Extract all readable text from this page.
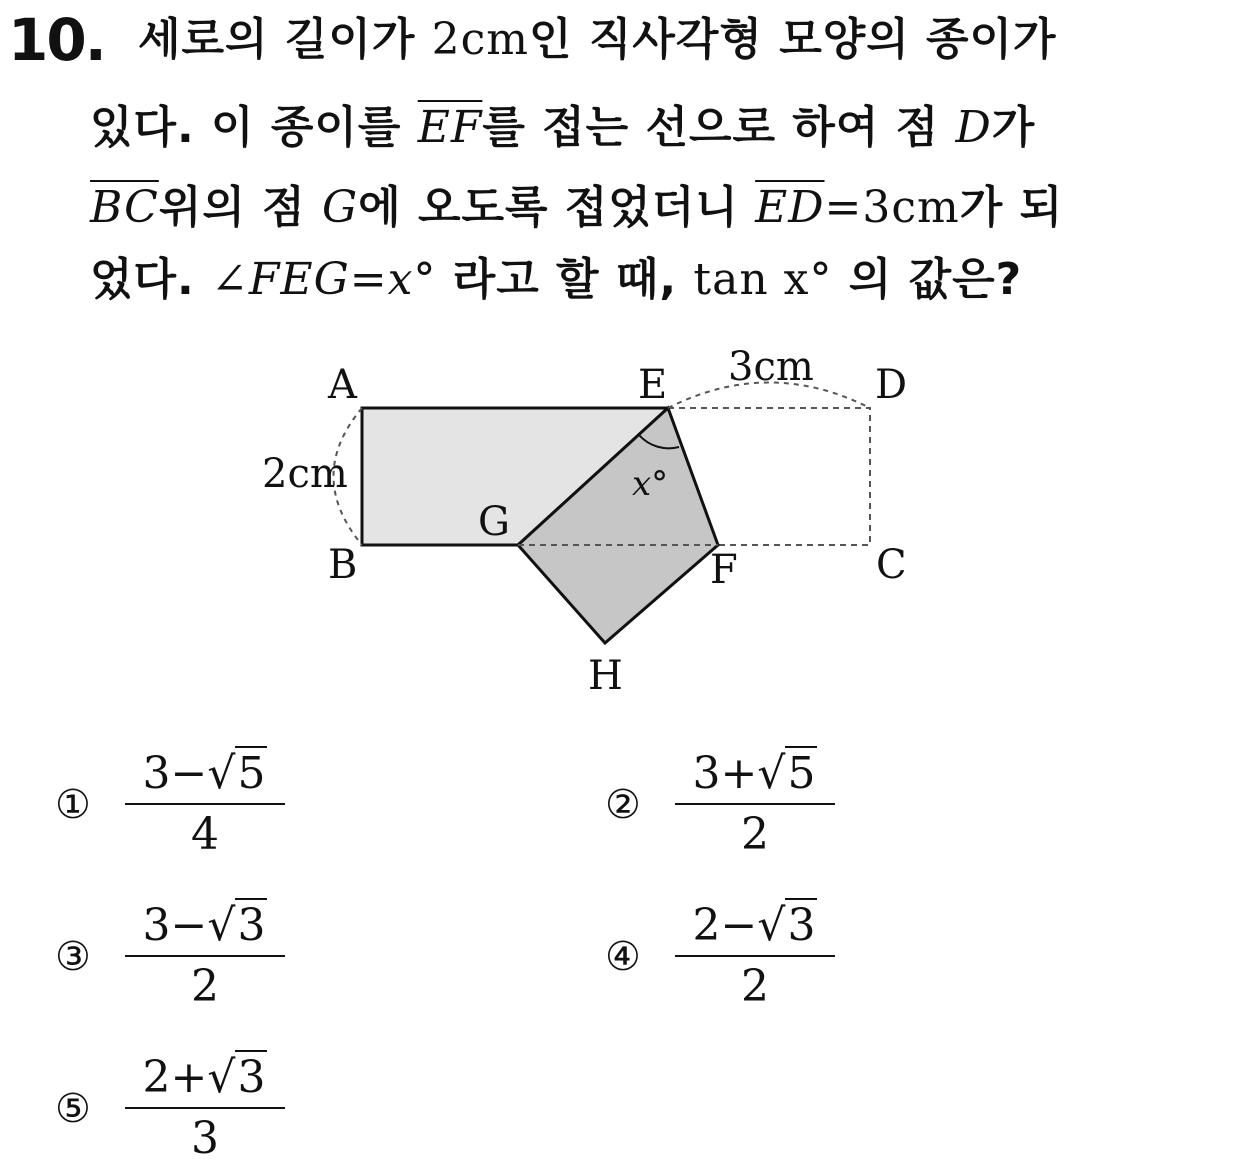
10. 세로의 길이가 2cm인 직사각형 모양의 종이가
있다. 이 종이를 $\overline{EF}$를 접는 선으로 하여 점 D가
$\overline{BC}$위의 점 G에 오도록 접었더니 $\overline{ED}=3cm$가 되
었다. ∠FEG=x° 라고 할 때, tan x° 의 값은?
A
B
E	D
C
G
F
H
2cm
3cm
x°
① $\frac{3-√5}{4}$	② $\frac{3+√5}{2}$
③ $\frac{3-√3}{2}$	④ $\frac{2-√3}{2}$
⑤ $\frac{2+√3}{3}$
